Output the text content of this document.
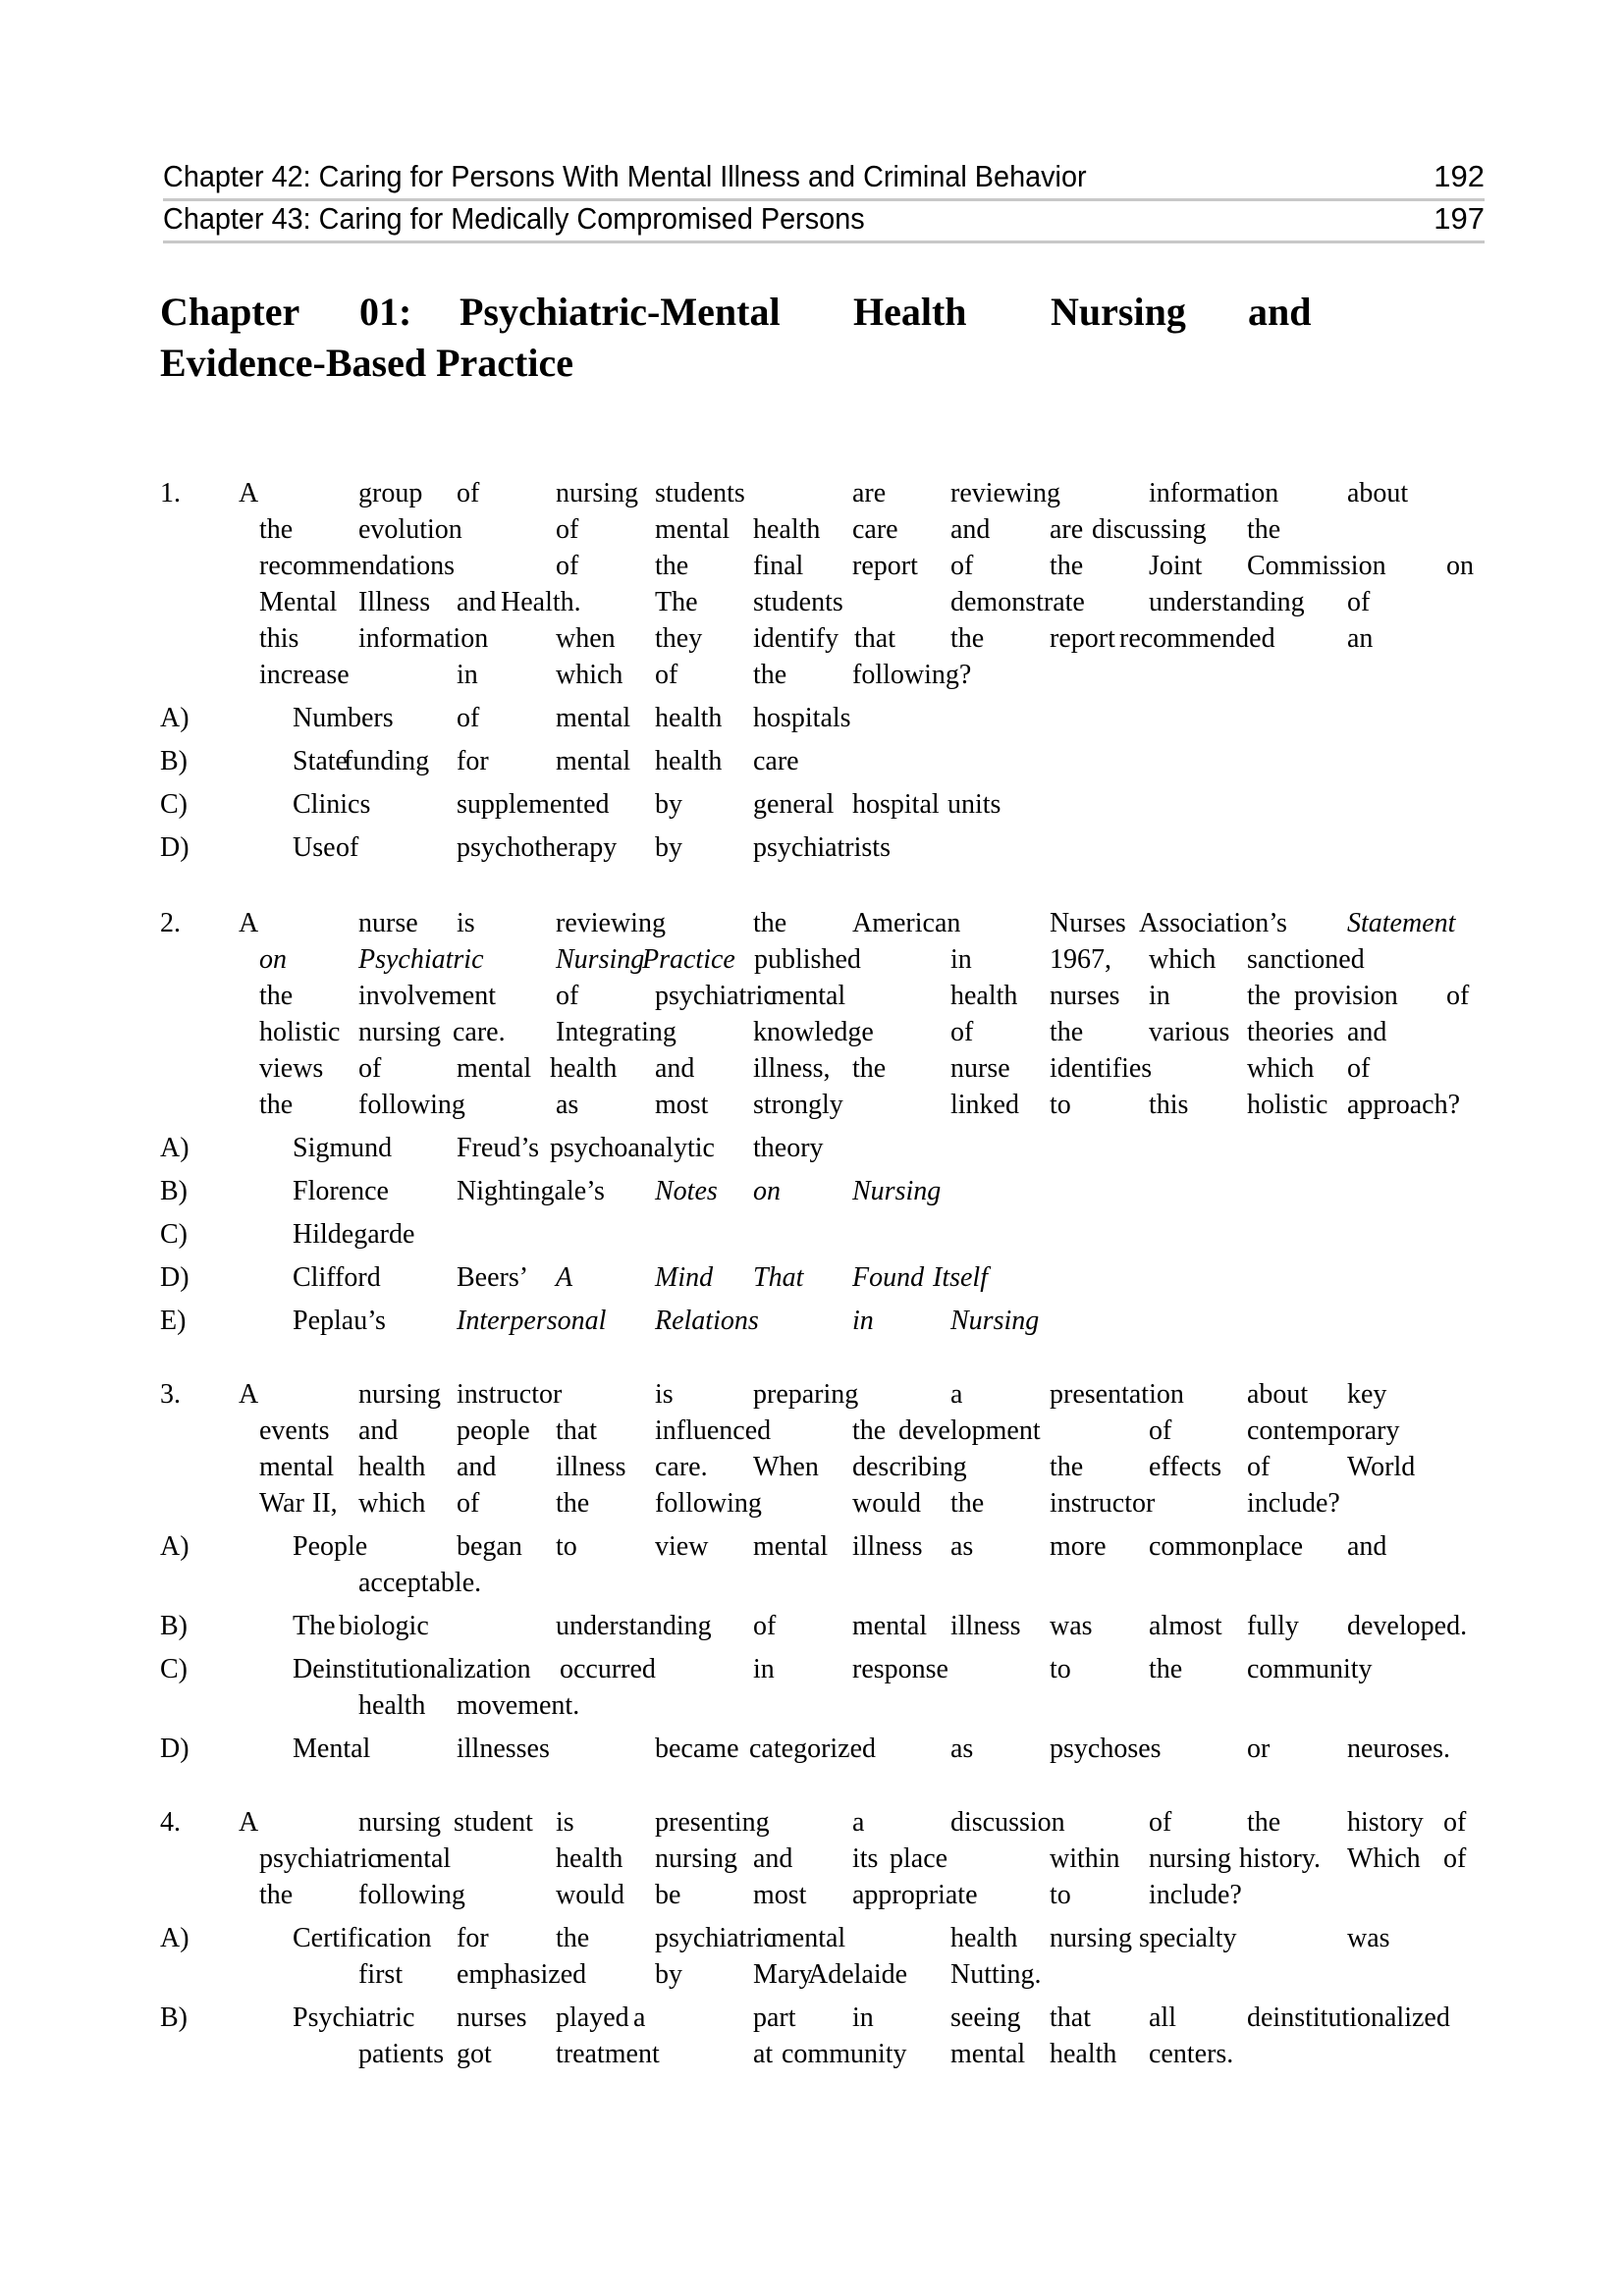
Chapter 42: Caring for Persons With Mental Illness and Criminal Behavior	192
Chapter 43: Caring for Medically Compromised Persons	197
Chapter 01: Psychiatric-Mental Health Nursing and
Evidence-Based Practice
1. A	group of	nursing students	are reviewing	information about
the evolution	of	mental health care and are discussing the
recommendations	of	the final report of	the Joint Commission on
Mental Illness and Health.	The students	demonstrate understanding of
this information when they identify that the report recommended	an
increase	in	which of	the following?
A)	Numbers of	mental health hospitals
B)	State
funding for mental health care
C)	Clinics	supplemented by	general hospital units
D)	Use of	psychotherapy by	psychiatrists
2. A	nurse is	reviewing	the American	Nurses Association’s Statement
on	Psychiatric	Nursing
Practice published	in	1967, which sanctioned
the involvement of	psychiatric
mental	health nurses in	the provision of
holistic nursing care. Integrating	knowledge	of	the various theories and
views of	mental health and illness, the nurse identifies	which of
the following	as	most strongly	linked to	this holistic approach?
A)	Sigmund Freud’s psychoanalytic theory
B)	Florence Nightingale’s Notes on	Nursing
C)	Hildegarde
D)	Clifford	Beers’ A	Mind That Found Itself
E)	Peplau’s	Interpersonal Relations	in	Nursing
3. A	nursing instructor	is	preparing	a	presentation about key
events and people that influenced	the development	of	contemporary
mental health and illness care. When describing	the effects of	World
War II, which of	the following	would the instructor	include?
A)	People	began to	view mental illness as	more commonplace and
acceptable.
B)	The biologic	understanding of	mental illness was almost fully developed.
C)	Deinstitutionalization occurred	in	response	to	the community
health movement.
D)	Mental	illnesses	became categorized	as	psychoses	or	neuroses.
4. A	nursing student is	presenting	a	discussion	of	the history of
psychiatric
mental	health nursing and its place	within nursing history. Which of
the following	would be	most appropriate	to	include?
A)	Certification for the psychiatric
mental	health nursing specialty	was
first emphasized by	Mary
Adelaide Nutting.
B)	Psychiatric nurses played a	part in	seeing that all	deinstitutionalized
patients got treatment	at community mental health centers.
